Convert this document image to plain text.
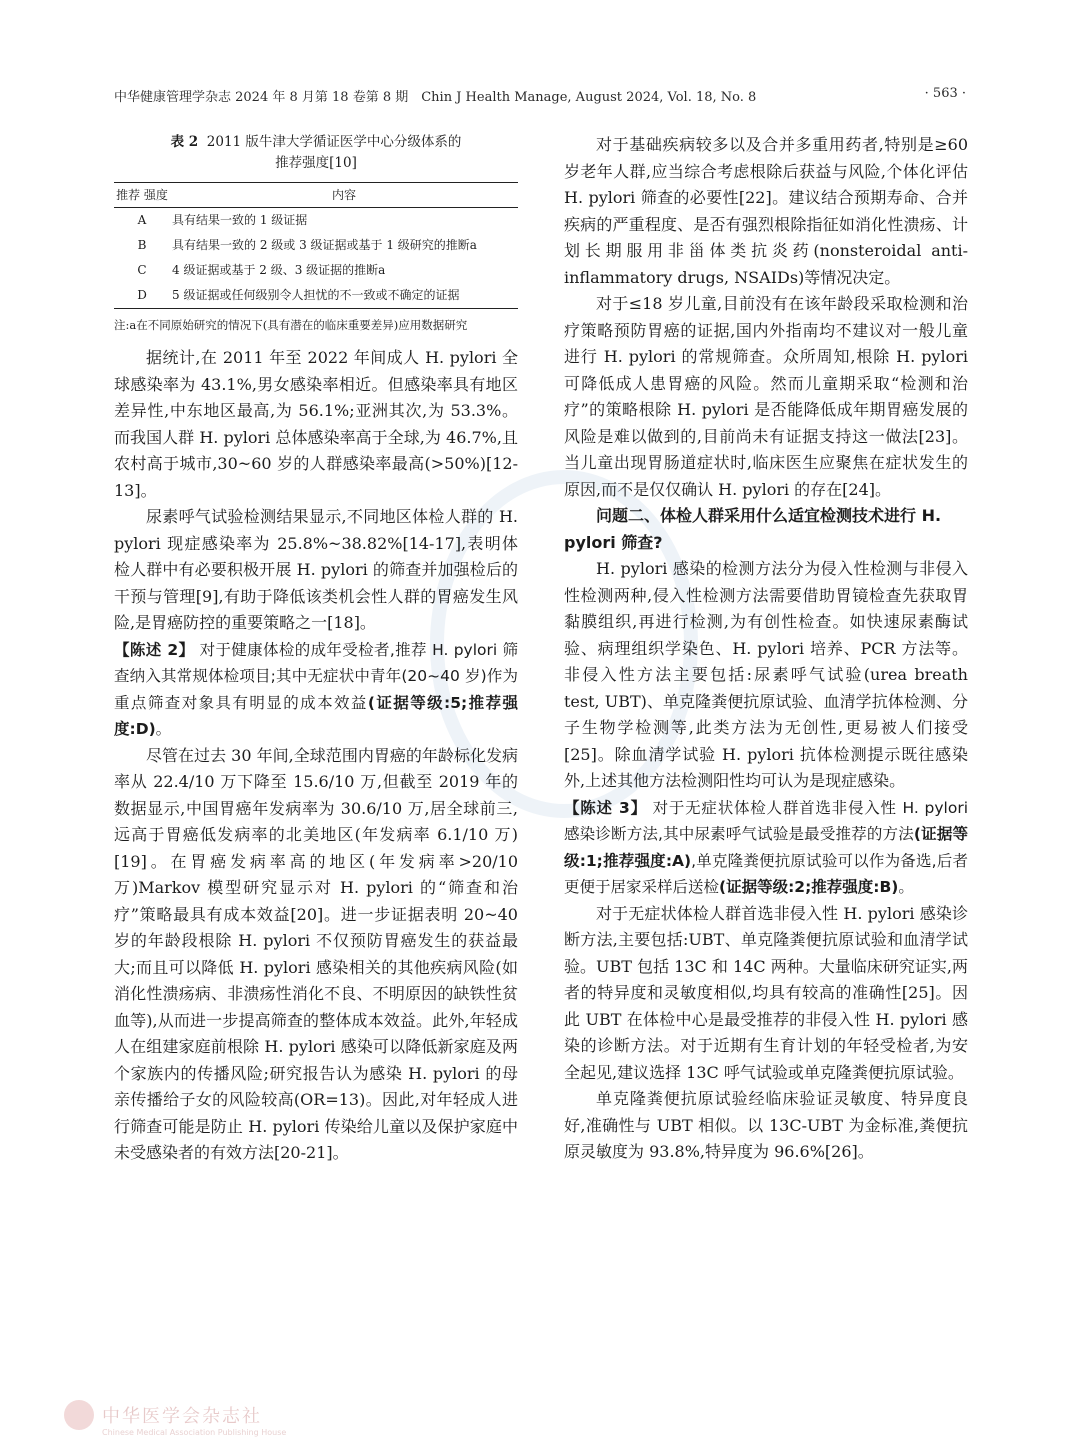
中华健康管理学杂志 2024 年 8 月第 18 卷第 8 期　Chin J Health Manage, August 2024, Vol. 18, No. 8	· 563 ·
表 2 2011 版牛津大学循证医学中心分级体系的
推荐强度[10]
推荐 强度	内容
A	具有结果一致的 1 级证据
B	具有结果一致的 2 级或 3 级证据或基于 1 级研究的推断a
C	4 级证据或基于 2 级、3 级证据的推断a
D	5 级证据或任何级别令人担忧的不一致或不确定的证据
注:a在不同原始研究的情况下(具有潜在的临床重要差异)应用数据研究

据统计,在 2011 年至 2022 年间成人 H. pylori 全球感染率为 43.1%,男女感染率相近。但感染率具有地区差异性,中东地区最高,为 56.1%;亚洲其次,为 53.3%。而我国人群 H. pylori 总体感染率高于全球,为 46.7%,且农村高于城市,30~60 岁的人群感染率最高(>50%)[12-13]。

尿素呼气试验检测结果显示,不同地区体检人群的 H. pylori 现症感染率为 25.8%~38.82%[14-17],表明体检人群中有必要积极开展 H. pylori 的筛查并加强检后的干预与管理[9],有助于降低该类机会性人群的胃癌发生风险,是胃癌防控的重要策略之一[18]。

【陈述 2】 对于健康体检的成年受检者,推荐 H. pylori 筛查纳入其常规体检项目;其中无症状中青年(20~40 岁)作为重点筛查对象具有明显的成本效益(证据等级:5;推荐强度:D)。

尽管在过去 30 年间,全球范围内胃癌的年龄标化发病率从 22.4/10 万下降至 15.6/10 万,但截至 2019 年的数据显示,中国胃癌年发病率为 30.6/10 万,居全球前三,远高于胃癌低发病率的北美地区(年发病率 6.1/10 万)[19]。在胃癌发病率高的地区(年发病率>20/10 万)Markov 模型研究显示对 H. pylori 的“筛查和治疗”策略最具有成本效益[20]。进一步证据表明 20~40 岁的年龄段根除 H. pylori 不仅预防胃癌发生的获益最大;而且可以降低 H. pylori 感染相关的其他疾病风险(如消化性溃疡病、非溃疡性消化不良、不明原因的缺铁性贫血等),从而进一步提高筛查的整体成本效益。此外,年轻成人在组建家庭前根除 H. pylori 感染可以降低新家庭及两个家族内的传播风险;研究报告认为感染 H. pylori 的母亲传播给子女的风险较高(OR=13)。因此,对年轻成人进行筛查可能是防止 H. pylori 传染给儿童以及保护家庭中未受感染者的有效方法[20-21]。

对于基础疾病较多以及合并多重用药者,特别是≥60 岁老年人群,应当综合考虑根除后获益与风险,个体化评估 H. pylori 筛查的必要性[22]。建议结合预期寿命、合并疾病的严重程度、是否有强烈根除指征如消化性溃疡、计划长期服用非甾体类抗炎药(nonsteroidal anti-inflammatory drugs, NSAIDs)等情况决定。

对于≤18 岁儿童,目前没有在该年龄段采取检测和治疗策略预防胃癌的证据,国内外指南均不建议对一般儿童进行 H. pylori 的常规筛查。众所周知,根除 H. pylori 可降低成人患胃癌的风险。然而儿童期采取“检测和治疗”的策略根除 H. pylori 是否能降低成年期胃癌发展的风险是难以做到的,目前尚未有证据支持这一做法[23]。当儿童出现胃肠道症状时,临床医生应聚焦在症状发生的原因,而不是仅仅确认 H. pylori 的存在[24]。

问题二、体检人群采用什么适宜检测技术进行 H. pylori 筛查?

H. pylori 感染的检测方法分为侵入性检测与非侵入性检测两种,侵入性检测方法需要借助胃镜检查先获取胃黏膜组织,再进行检测,为有创性检查。如快速尿素酶试验、病理组织学染色、H. pylori 培养、PCR 方法等。非侵入性方法主要包括:尿素呼气试验(urea breath test, UBT)、单克隆粪便抗原试验、血清学抗体检测、分子生物学检测等,此类方法为无创性,更易被人们接受[25]。除血清学试验 H. pylori 抗体检测提示既往感染外,上述其他方法检测阳性均可认为是现症感染。

【陈述 3】 对于无症状体检人群首选非侵入性 H. pylori 感染诊断方法,其中尿素呼气试验是最受推荐的方法(证据等级:1;推荐强度:A),单克隆粪便抗原试验可以作为备选,后者更便于居家采样后送检(证据等级:2;推荐强度:B)。

对于无症状体检人群首选非侵入性 H. pylori 感染诊断方法,主要包括:UBT、单克隆粪便抗原试验和血清学试验。UBT 包括 13C 和 14C 两种。大量临床研究证实,两者的特异度和灵敏度相似,均具有较高的准确性[25]。因此 UBT 在体检中心是最受推荐的非侵入性 H. pylori 感染的诊断方法。对于近期有生育计划的年轻受检者,为安全起见,建议选择 13C 呼气试验或单克隆粪便抗原试验。

单克隆粪便抗原试验经临床验证灵敏度、特异度良好,准确性与 UBT 相似。以 13C-UBT 为金标准,粪便抗原灵敏度为 93.8%,特异度为 96.6%[26]。

中华医学会杂志社
Chinese Medical Association Publishing House
